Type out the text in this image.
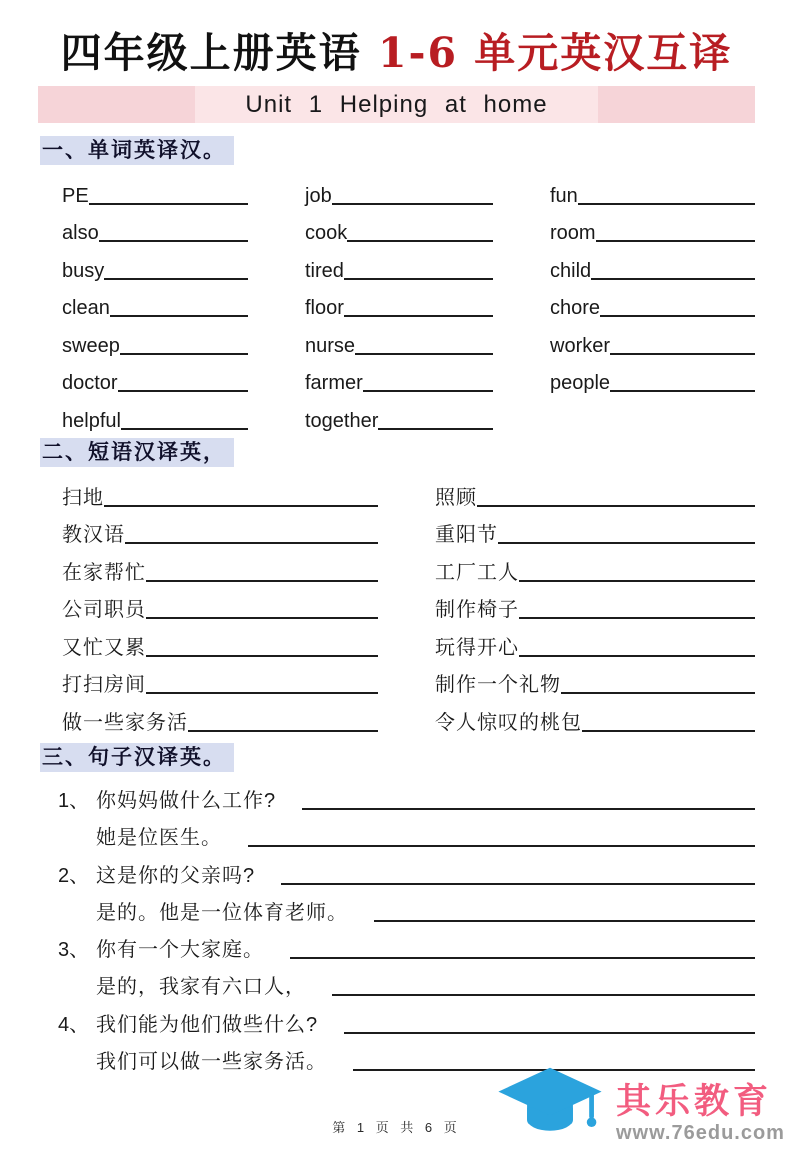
其乐教育
www.76edu.com
四年级上册英语 1-6 单元英汉互译
Unit 1 Helping at home
一、单词英译汉。
PE	job	fun
also	cook	room
busy	tired	child
clean	floor	chore
sweep	nurse	worker
doctor	farmer	people
helpful	together
二、短语汉译英，
扫地	照顾
教汉语	重阳节
在家帮忙	工厂工人
公司职员	制作椅子
又忙又累	玩得开心
打扫房间	制作一个礼物
做一些家务活	令人惊叹的桃包
三、句子汉译英。
1、 你妈妈做什么工作?
她是位医生。
2、 这是你的父亲吗?
是的。他是一位体育老师。
3、 你有一个大家庭。
是的，我家有六口人，
4、 我们能为他们做些什么?
我们可以做一些家务活。
第 1 页 共 6 页
